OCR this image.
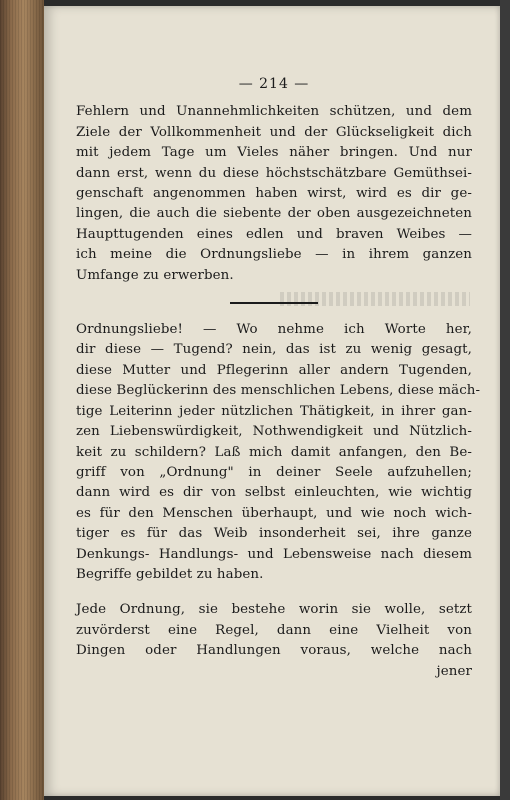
— 214 —
Fehlern und Unannehmlichkeiten schützen, und dem
Ziele der Vollkommenheit und der Glückseligkeit dich
mit jedem Tage um Vieles näher bringen. Und nur
dann erst, wenn du diese höchstschätzbare Gemüthsei-
genschaft angenommen haben wirst, wird es dir ge-
lingen, die auch die siebente der oben ausgezeichneten
Haupttugenden eines edlen und braven Weibes —
ich meine die Ordnungsliebe — in ihrem ganzen
Umfange zu erwerben.
Ordnungsliebe! — Wo nehme ich Worte her,
dir diese — Tugend? nein, das ist zu wenig gesagt,
diese Mutter und Pflegerinn aller andern Tugenden,
diese Beglückerinn des menschlichen Lebens, diese mäch-
tige Leiterinn jeder nützlichen Thätigkeit, in ihrer gan-
zen Liebenswürdigkeit, Nothwendigkeit und Nützlich-
keit zu schildern? Laß mich damit anfangen, den Be-
griff von „Ordnung" in deiner Seele aufzuhellen;
dann wird es dir von selbst einleuchten, wie wichtig
es für den Menschen überhaupt, und wie noch wich-
tiger es für das Weib insonderheit sei, ihre ganze
Denkungs- Handlungs- und Lebensweise nach diesem
Begriffe gebildet zu haben.
Jede Ordnung, sie bestehe worin sie wolle, setzt
zuvörderst eine Regel, dann eine Vielheit von
Dingen oder Handlungen voraus, welche nach
jener
